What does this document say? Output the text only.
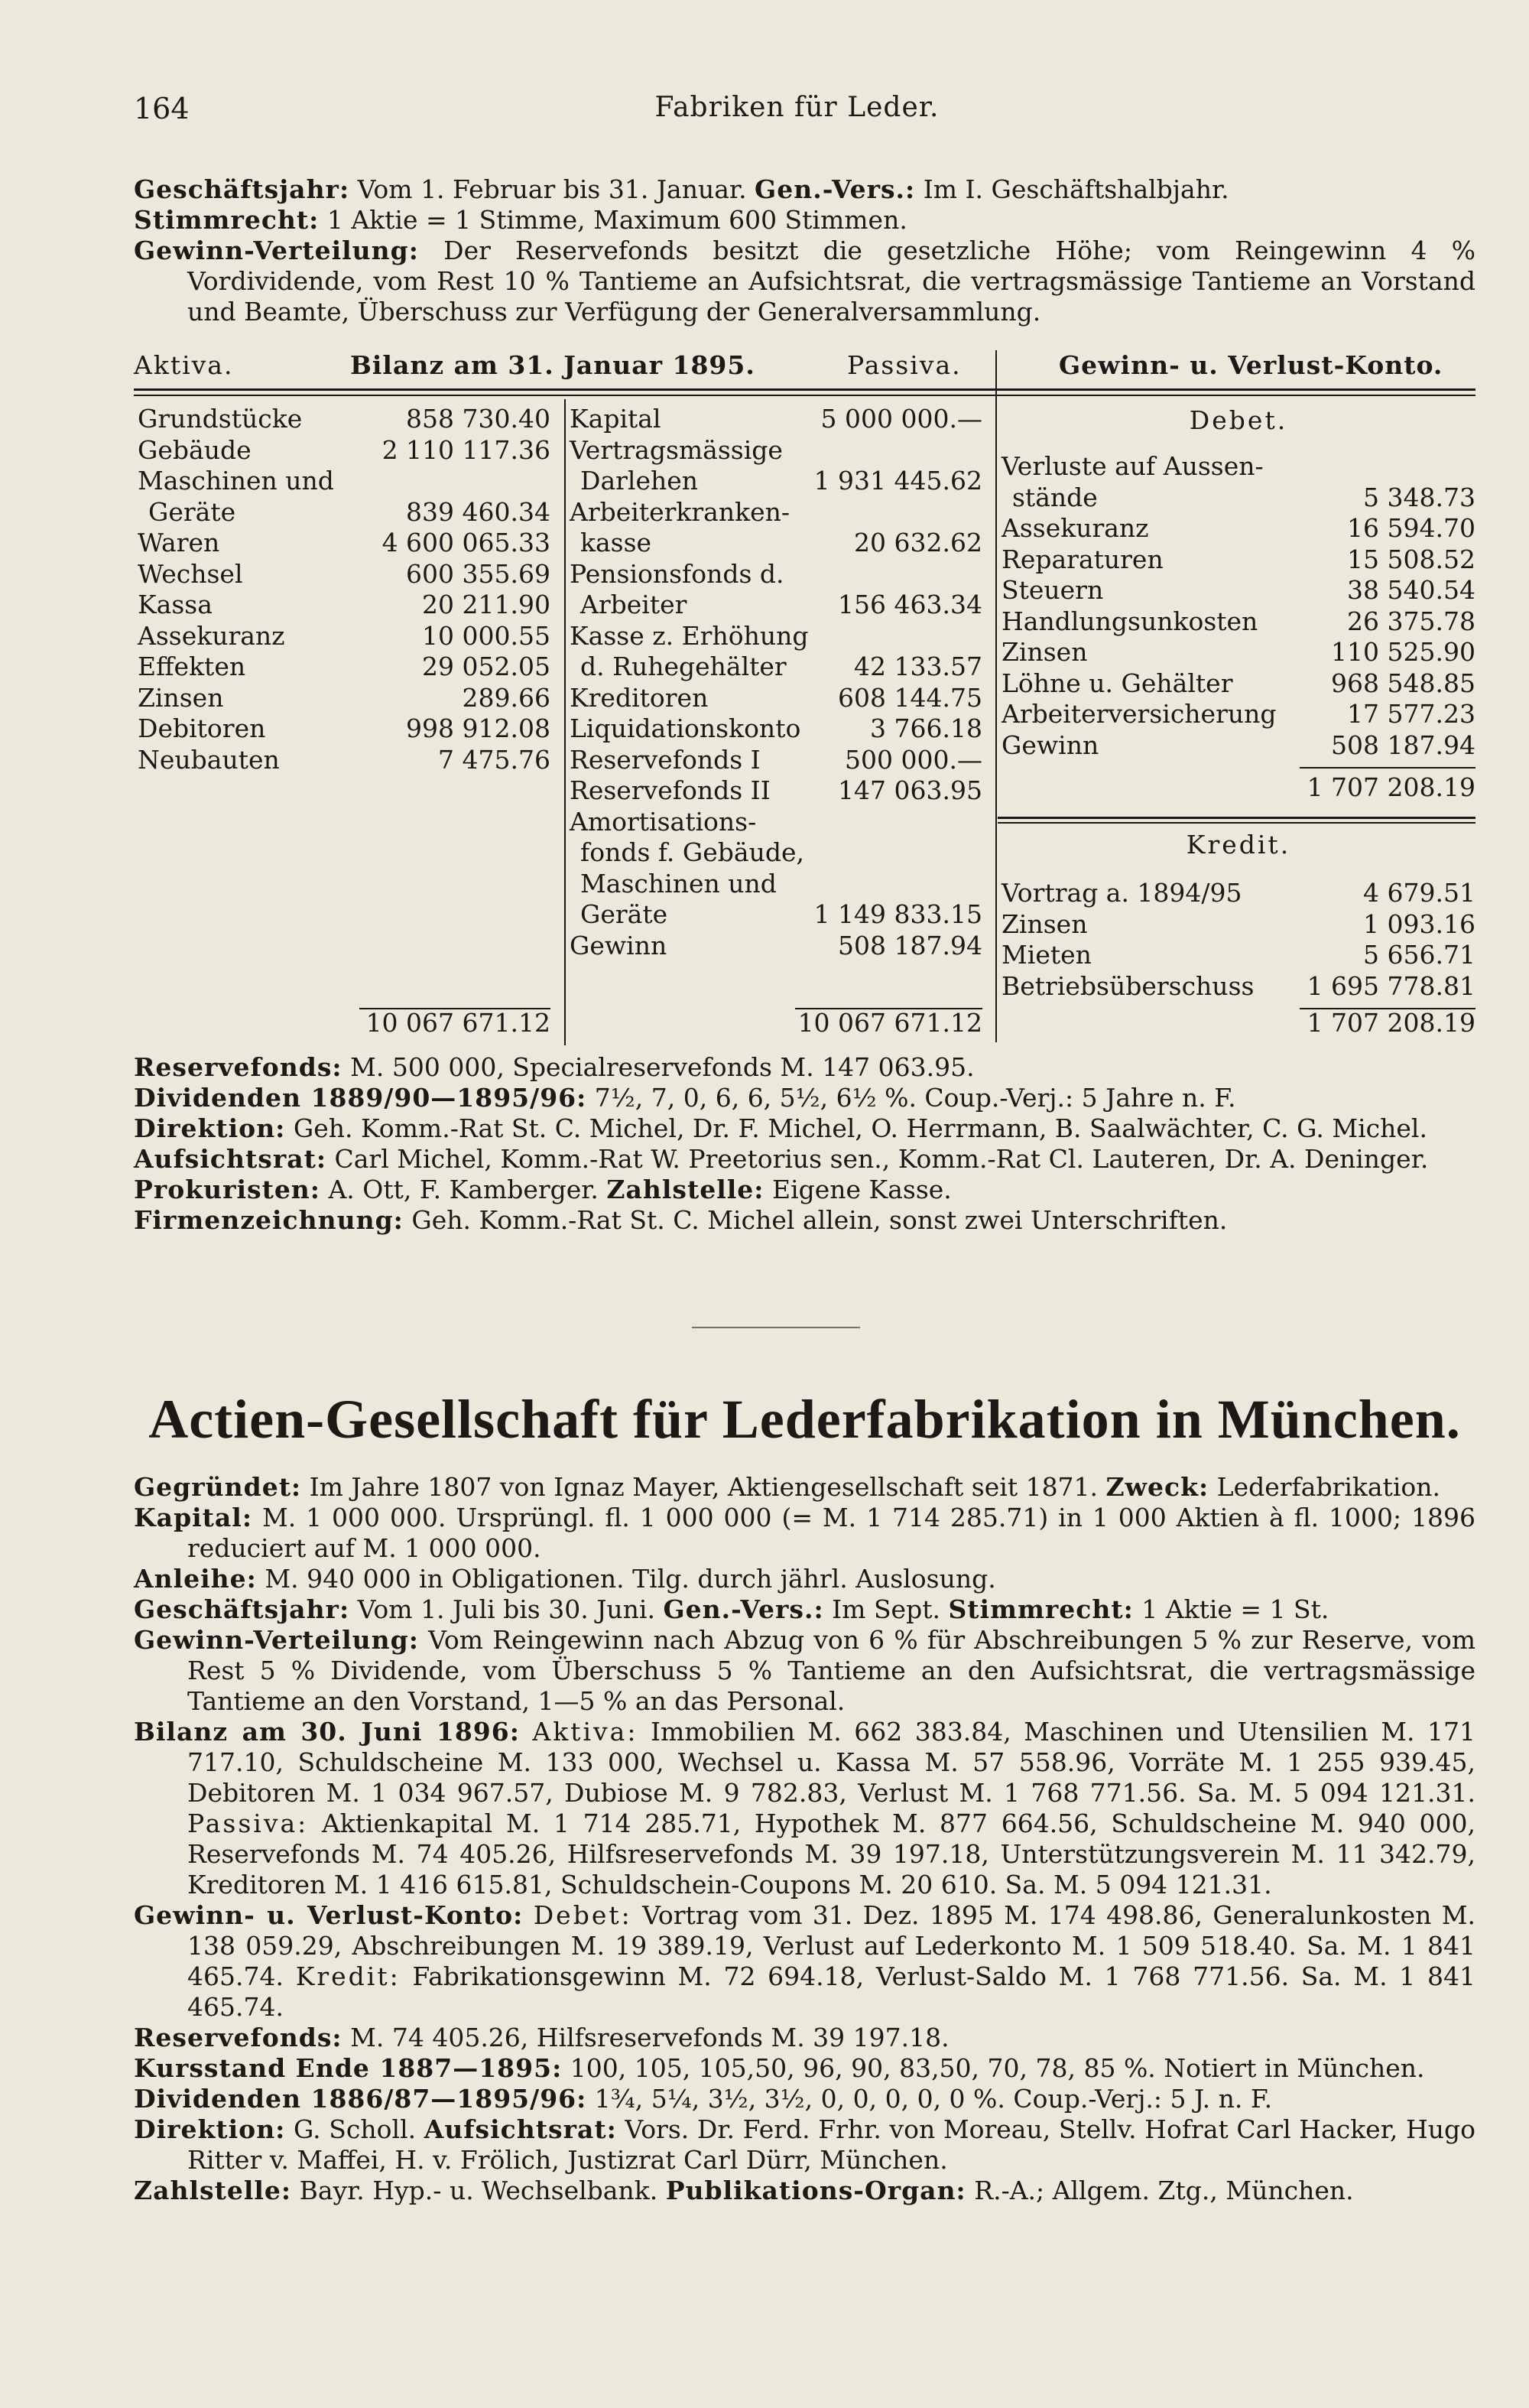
164	Fabriken für Leder.

Geschäftsjahr: Vom 1. Februar bis 31. Januar. Gen.-Vers.: Im I. Geschäftshalbjahr.

Stimmrecht: 1 Aktie = 1 Stimme, Maximum 600 Stimmen.

Gewinn-Verteilung: Der Reservefonds besitzt die gesetzliche Höhe; vom Reingewinn 4 % Vordividende, vom Rest 10 % Tantieme an Aufsichtsrat, die vertragsmässige Tantieme an Vorstand und Beamte, Überschuss zur Verfügung der Generalversammlung.

Aktiva.	Bilanz am 31. Januar 1895.	Passiva.	Gewinn- u. Verlust-Konto.
Grundstücke	858 730.40
Gebäude	2 110 117.36
Maschinen und
Geräte	839 460.34
Waren	4 600 065.33
Wechsel	600 355.69
Kassa	20 211.90
Assekuranz	10 000.55
Effekten	29 052.05
Zinsen	289.66
Debitoren	998 912.08
Neubauten	7 475.76
10 067 671.12
Kapital	5 000 000.—
Vertragsmässige
Darlehen	1 931 445.62
Arbeiterkranken-
kasse	20 632.62
Pensionsfonds d.
Arbeiter	156 463.34
Kasse z. Erhöhung
d. Ruhegehälter	42 133.57
Kreditoren	608 144.75
Liquidationskonto	3 766.18
Reservefonds I	500 000.—
Reservefonds II	147 063.95
Amortisations-
fonds f. Gebäude,
Maschinen und
Geräte	1 149 833.15
Gewinn	508 187.94
10 067 671.12
Debet.
Verluste auf Aussen-
stände	5 348.73
Assekuranz	16 594.70
Reparaturen	15 508.52
Steuern	38 540.54
Handlungsunkosten	26 375.78
Zinsen	110 525.90
Löhne u. Gehälter	968 548.85
Arbeiterversicherung	17 577.23
Gewinn	508 187.94
1 707 208.19
Kredit.
Vortrag a. 1894/95	4 679.51
Zinsen	1 093.16
Mieten	5 656.71
Betriebsüberschuss 1 695 778.81
1 707 208.19

Reservefonds: M. 500 000, Specialreservefonds M. 147 063.95.

Dividenden 1889/90—1895/96: 7½, 7, 0, 6, 6, 5½, 6½ %. Coup.-Verj.: 5 Jahre n. F.

Direktion: Geh. Komm.-Rat St. C. Michel, Dr. F. Michel, O. Herrmann, B. Saalwächter, C. G. Michel.

Aufsichtsrat: Carl Michel, Komm.-Rat W. Preetorius sen., Komm.-Rat Cl. Lauteren, Dr. A. Deninger.

Prokuristen: A. Ott, F. Kamberger. Zahlstelle: Eigene Kasse.

Firmenzeichnung: Geh. Komm.-Rat St. C. Michel allein, sonst zwei Unterschriften.

Actien-Gesellschaft für Lederfabrikation in München.

Gegründet: Im Jahre 1807 von Ignaz Mayer, Aktiengesellschaft seit 1871. Zweck: Lederfabrikation.

Kapital: M. 1 000 000. Ursprüngl. fl. 1 000 000 (= M. 1 714 285.71) in 1 000 Aktien à fl. 1000; 1896 reduciert auf M. 1 000 000.

Anleihe: M. 940 000 in Obligationen. Tilg. durch jährl. Auslosung.

Geschäftsjahr: Vom 1. Juli bis 30. Juni. Gen.-Vers.: Im Sept. Stimmrecht: 1 Aktie = 1 St.

Gewinn-Verteilung: Vom Reingewinn nach Abzug von 6 % für Abschreibungen 5 % zur Reserve, vom Rest 5 % Dividende, vom Überschuss 5 % Tantieme an den Aufsichtsrat, die vertragsmässige Tantieme an den Vorstand, 1—5 % an das Personal.

Bilanz am 30. Juni 1896: Aktiva: Immobilien M. 662 383.84, Maschinen und Utensilien M. 171 717.10, Schuldscheine M. 133 000, Wechsel u. Kassa M. 57 558.96, Vorräte M. 1 255 939.45, Debitoren M. 1 034 967.57, Dubiose M. 9 782.83, Verlust M. 1 768 771.56. Sa. M. 5 094 121.31. Passiva: Aktienkapital M. 1 714 285.71, Hypothek M. 877 664.56, Schuldscheine M. 940 000, Reservefonds M. 74 405.26, Hilfsreservefonds M. 39 197.18, Unterstützungsverein M. 11 342.79, Kreditoren M. 1 416 615.81, Schuldschein-Coupons M. 20 610. Sa. M. 5 094 121.31.

Gewinn- u. Verlust-Konto: Debet: Vortrag vom 31. Dez. 1895 M. 174 498.86, Generalunkosten M. 138 059.29, Abschreibungen M. 19 389.19, Verlust auf Lederkonto M. 1 509 518.40. Sa. M. 1 841 465.74. Kredit: Fabrikationsgewinn M. 72 694.18, Verlust-Saldo M. 1 768 771.56. Sa. M. 1 841 465.74.

Reservefonds: M. 74 405.26, Hilfsreservefonds M. 39 197.18.

Kursstand Ende 1887—1895: 100, 105, 105,50, 96, 90, 83,50, 70, 78, 85 %. Notiert in München.

Dividenden 1886/87—1895/96: 1¾, 5¼, 3½, 3½, 0, 0, 0, 0, 0 %. Coup.-Verj.: 5 J. n. F.

Direktion: G. Scholl. Aufsichtsrat: Vors. Dr. Ferd. Frhr. von Moreau, Stellv. Hofrat Carl Hacker, Hugo Ritter v. Maffei, H. v. Frölich, Justizrat Carl Dürr, München.

Zahlstelle: Bayr. Hyp.- u. Wechselbank. Publikations-Organ: R.-A.; Allgem. Ztg., München.
